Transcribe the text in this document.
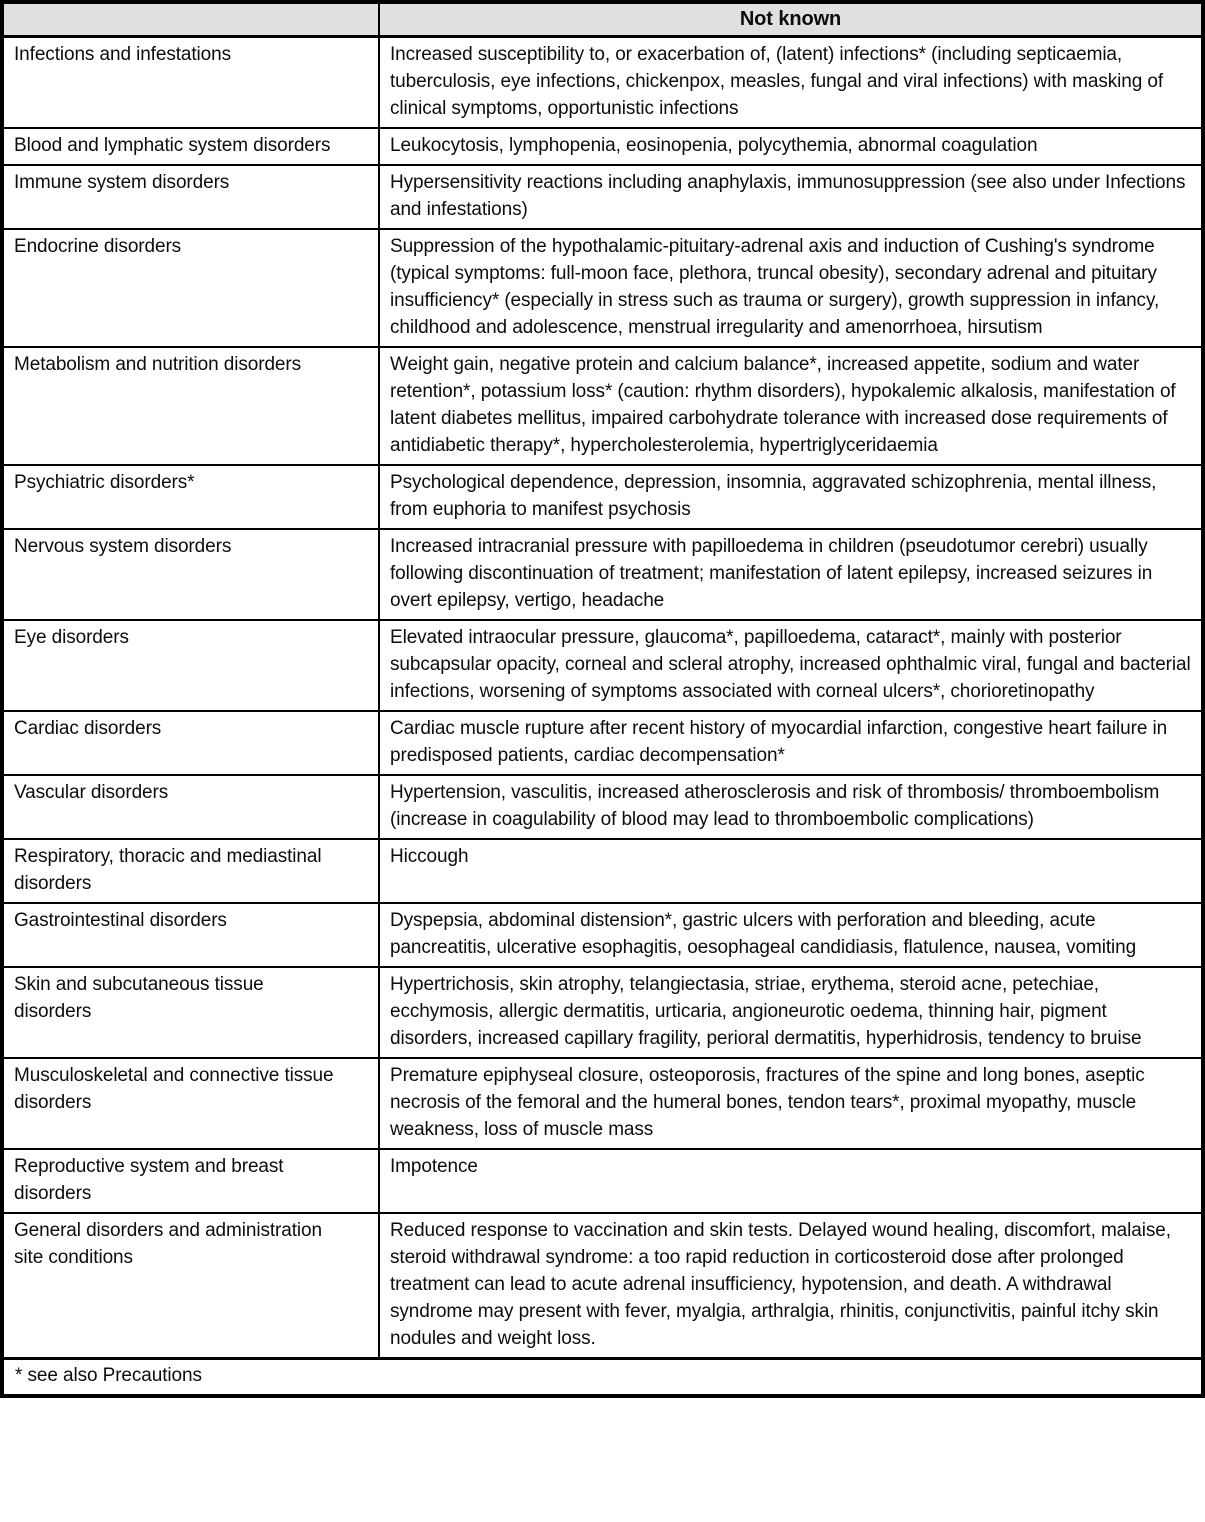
	Not known
Infections and infestations	Increased susceptibility to, or exacerbation of, (latent) infections* (including septicaemia, tuberculosis, eye infections, chickenpox, measles, fungal and viral infections) with masking of clinical symptoms, opportunistic infections
Blood and lymphatic system disorders	Leukocytosis, lymphopenia, eosinopenia, polycythemia, abnormal coagulation
Immune system disorders	Hypersensitivity reactions including anaphylaxis, immunosuppression (see also under Infections and infestations)
Endocrine disorders	Suppression of the hypothalamic-pituitary-adrenal axis and induction of Cushing's syndrome (typical symptoms: full-moon face, plethora, truncal obesity), secondary adrenal and pituitary insufficiency* (especially in stress such as trauma or surgery), growth suppression in infancy, childhood and adolescence, menstrual irregularity and amenorrhoea, hirsutism
Metabolism and nutrition disorders	Weight gain, negative protein and calcium balance*, increased appetite, sodium and water retention*, potassium loss* (caution: rhythm disorders), hypokalemic alkalosis, manifestation of latent diabetes mellitus, impaired carbohydrate tolerance with increased dose requirements of antidiabetic therapy*, hypercholesterolemia, hypertriglyceridaemia
Psychiatric disorders*	Psychological dependence, depression, insomnia, aggravated schizophrenia, mental illness, from euphoria to manifest psychosis
Nervous system disorders	Increased intracranial pressure with papilloedema in children (pseudotumor cerebri) usually following discontinuation of treatment; manifestation of latent epilepsy, increased seizures in overt epilepsy, vertigo, headache
Eye disorders	Elevated intraocular pressure, glaucoma*, papilloedema, cataract*, mainly with posterior subcapsular opacity, corneal and scleral atrophy, increased ophthalmic viral, fungal and bacterial infections, worsening of symptoms associated with corneal ulcers*, chorioretinopathy
Cardiac disorders	Cardiac muscle rupture after recent history of myocardial infarction, congestive heart failure in predisposed patients, cardiac decompensation*
Vascular disorders	Hypertension, vasculitis, increased atherosclerosis and risk of thrombosis/ thromboembolism (increase in coagulability of blood may lead to thromboembolic complications)
Respiratory, thoracic and mediastinal disorders	Hiccough
Gastrointestinal disorders	Dyspepsia, abdominal distension*, gastric ulcers with perforation and bleeding, acute pancreatitis, ulcerative esophagitis, oesophageal candidiasis, flatulence, nausea, vomiting
Skin and subcutaneous tissue disorders	Hypertrichosis, skin atrophy, telangiectasia, striae, erythema, steroid acne, petechiae, ecchymosis, allergic dermatitis, urticaria, angioneurotic oedema, thinning hair, pigment disorders, increased capillary fragility, perioral dermatitis, hyperhidrosis, tendency to bruise
Musculoskeletal and connective tissue disorders	Premature epiphyseal closure, osteoporosis, fractures of the spine and long bones, aseptic necrosis of the femoral and the humeral bones, tendon tears*, proximal myopathy, muscle weakness, loss of muscle mass
Reproductive system and breast disorders	Impotence
General disorders and administration site conditions	Reduced response to vaccination and skin tests. Delayed wound healing, discomfort, malaise, steroid withdrawal syndrome: a too rapid reduction in corticosteroid dose after prolonged treatment can lead to acute adrenal insufficiency, hypotension, and death. A withdrawal syndrome may present with fever, myalgia, arthralgia, rhinitis, conjunctivitis, painful itchy skin nodules and weight loss.
* see also Precautions	
